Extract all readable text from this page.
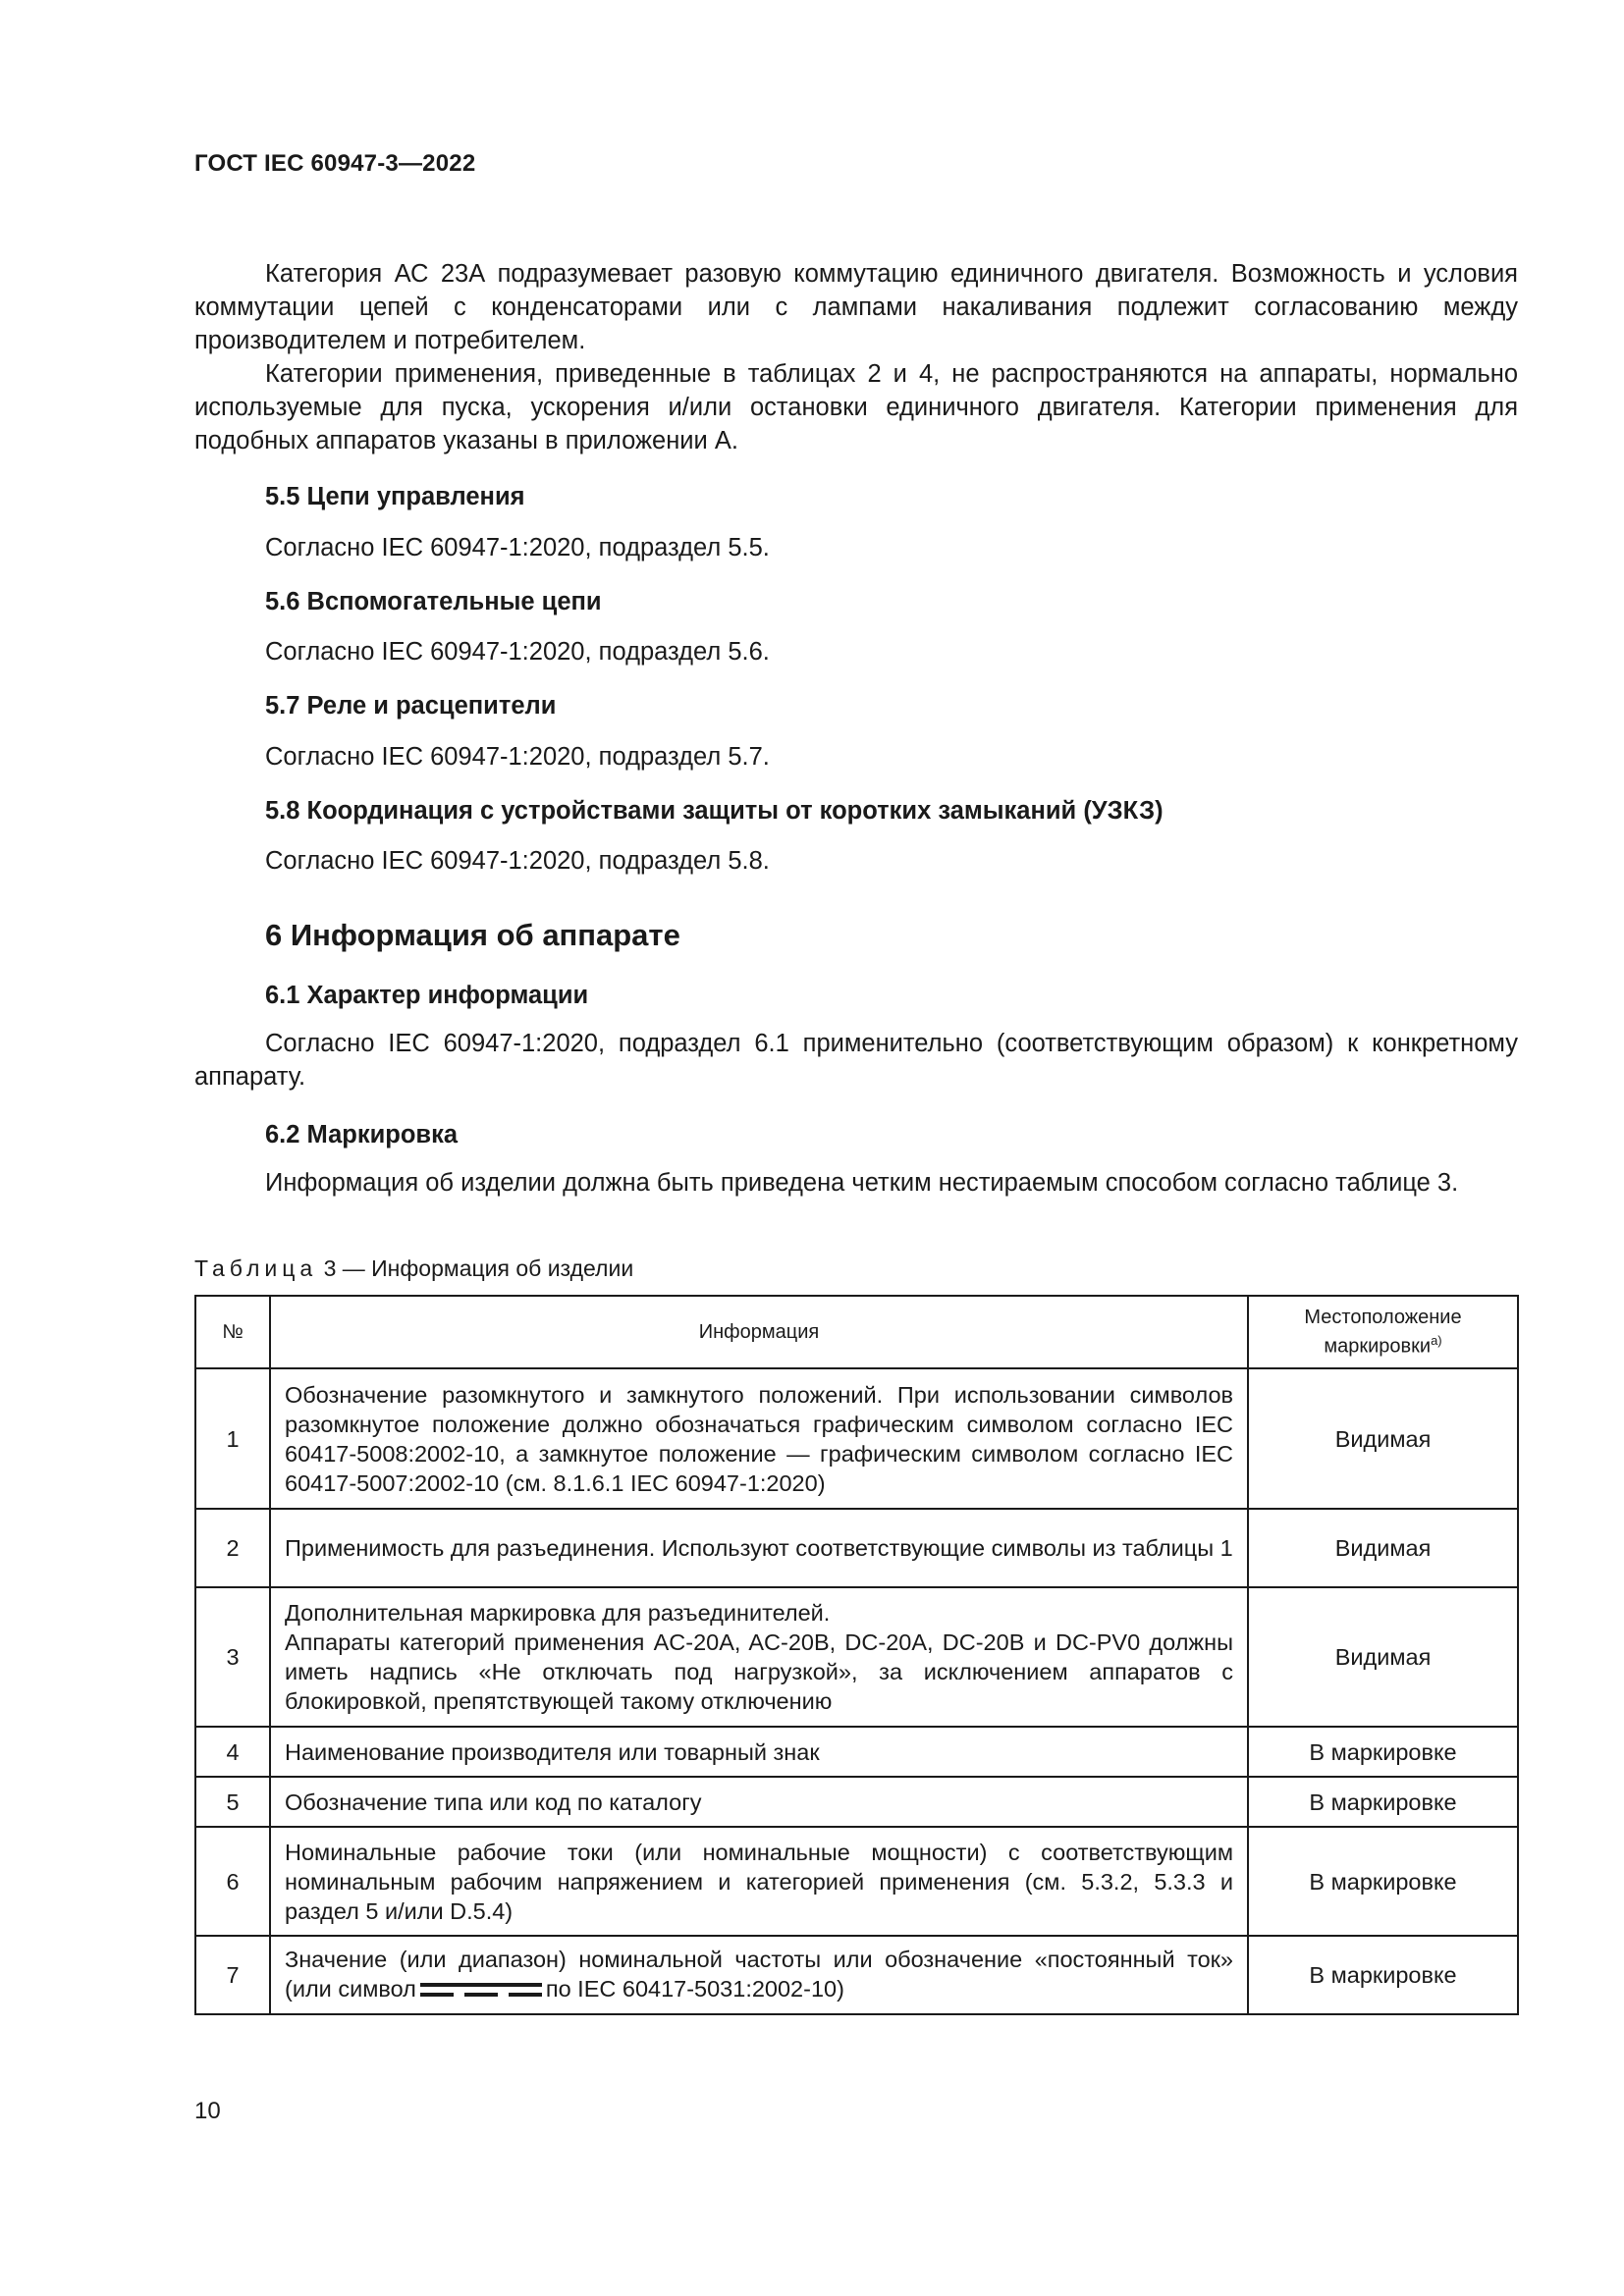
ГОСТ IEC 60947-3—2022

Категория АС 23А подразумевает разовую коммутацию единичного двигателя. Возможность и условия коммутации цепей с конденсаторами или с лампами накаливания подлежит согласованию между производителем и потребителем.

Категории применения, приведенные в таблицах 2 и 4, не распространяются на аппараты, нормально используемые для пуска, ускорения и/или остановки единичного двигателя. Категории применения для подобных аппаратов указаны в приложении А.

5.5 Цепи управления
Согласно IEC 60947-1:2020, подраздел 5.5.
5.6 Вспомогательные цепи
Согласно IEC 60947-1:2020, подраздел 5.6.
5.7 Реле и расцепители
Согласно IEC 60947-1:2020, подраздел 5.7.
5.8 Координация с устройствами защиты от коротких замыканий (УЗКЗ)
Согласно IEC 60947-1:2020, подраздел 5.8.
6 Информация об аппарате
6.1 Характер информации

Согласно IEC 60947-1:2020, подраздел 6.1 применительно (соответствующим образом) к конкретному аппарату.

6.2 Маркировка

Информация об изделии должна быть приведена четким нестираемым способом согласно таблице 3.

Таблица 3 — Информация об изделии
№	Информация	Местоположение маркировки$^{a)}$
1	Обозначение разомкнутого и замкнутого положений. При использовании символов разомкнутое положение должно обозначаться графическим символом согласно IEC 60417-5008:2002-10, а замкнутое положение — графическим символом согласно IEC 60417-5007:2002-10 (см. 8.1.6.1 IEC 60947-1:2020)	Видимая
2	Применимость для разъединения. Используют соответствующие символы из таблицы 1	Видимая
3	Дополнительная маркировка для разъединителей.
Аппараты категорий применения AC-20A, AC-20B, DC-20A, DC-20B и DC-PV0 должны иметь надпись «Не отключать под нагрузкой», за исключением аппаратов с блокировкой, препятствующей такому отключению	Видимая
4	Наименование производителя или товарный знак	В маркировке
5	Обозначение типа или код по каталогу	В маркировке
6	Номинальные рабочие токи (или номинальные мощности) с соответствующим номинальным рабочим напряжением и категорией применения (см. 5.3.2, 5.3.3 и раздел 5 и/или D.5.4)	В маркировке
7	Значение (или диапазон) номинальной частоты или обозначение «постоянный ток» (или символ по IEC 60417-5031:2002-10)	В маркировке
10
